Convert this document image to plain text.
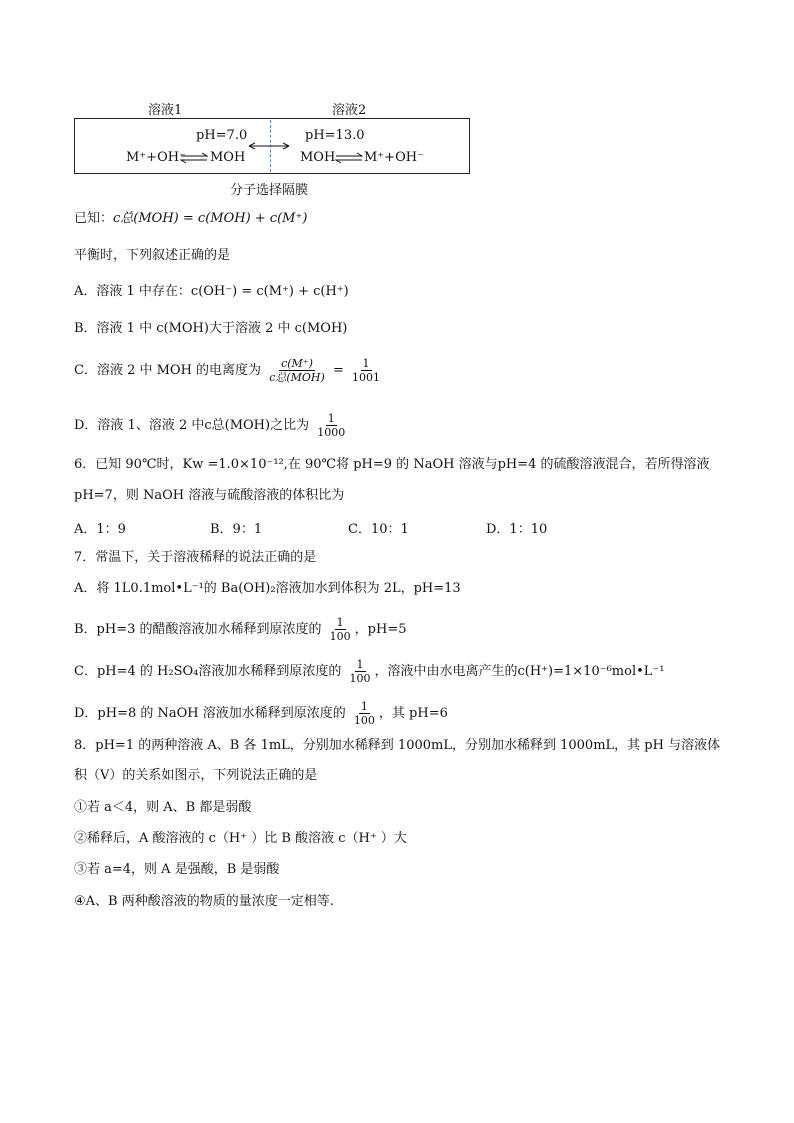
溶液1	溶液2
pH=7.0	pH=13.0
M⁺+OH⁻ ⇌ MOH	MOH ⇌ M⁺+OH⁻
分子选择隔膜
已知：c总(MOH) = c(MOH) + c(M⁺)
平衡时，下列叙述正确的是
A．溶液 1 中存在：c(OH⁻) = c(M⁺) + c(H⁺)
B．溶液 1 中 c(MOH)大于溶液 2 中 c(MOH)
C．溶液 2 中 MOH 的电离度为 $\frac{c(M^+)}{\text{c总(MOH)}} = \frac{1}{1001}$
D．溶液 1、溶液 2 中c总(MOH)之比为 $\frac{1}{1000}$
6．已知 90℃时，Kw =1.0×10⁻¹²,在 90℃将 pH=9 的 NaOH 溶液与pH=4 的硫酸溶液混合，若所得溶液
pH=7，则 NaOH 溶液与硫酸溶液的体积比为
A．1：9	B．9：1	C．10：1	D．1：10
7．常温下，关于溶液稀释的说法正确的是
A．将 1L0.1mol•L⁻¹的 Ba(OH)₂溶液加水到体积为 2L，pH=13
B．pH=3 的醋酸溶液加水稀释到原浓度的 $\frac{1}{100}$ ，pH=5
C．pH=4 的 H₂SO₄溶液加水稀释到原浓度的 $\frac{1}{100}$ ，溶液中由水电离产生的c(H⁺)=1×10⁻⁶mol•L⁻¹
D．pH=8 的 NaOH 溶液加水稀释到原浓度的 $\frac{1}{100}$ ，其 pH=6
8．pH=1 的两种溶液 A、B 各 1mL，分别加水稀释到 1000mL，分别加水稀释到 1000mL，其 pH 与溶液体
积（V）的关系如图示，下列说法正确的是
①若 a＜4，则 A、B 都是弱酸
②稀释后，A 酸溶液的 c（H⁺ ）比 B 酸溶液 c（H⁺ ）大
③若 a=4，则 A 是强酸，B 是弱酸
④A、B 两种酸溶液的物质的量浓度一定相等.
